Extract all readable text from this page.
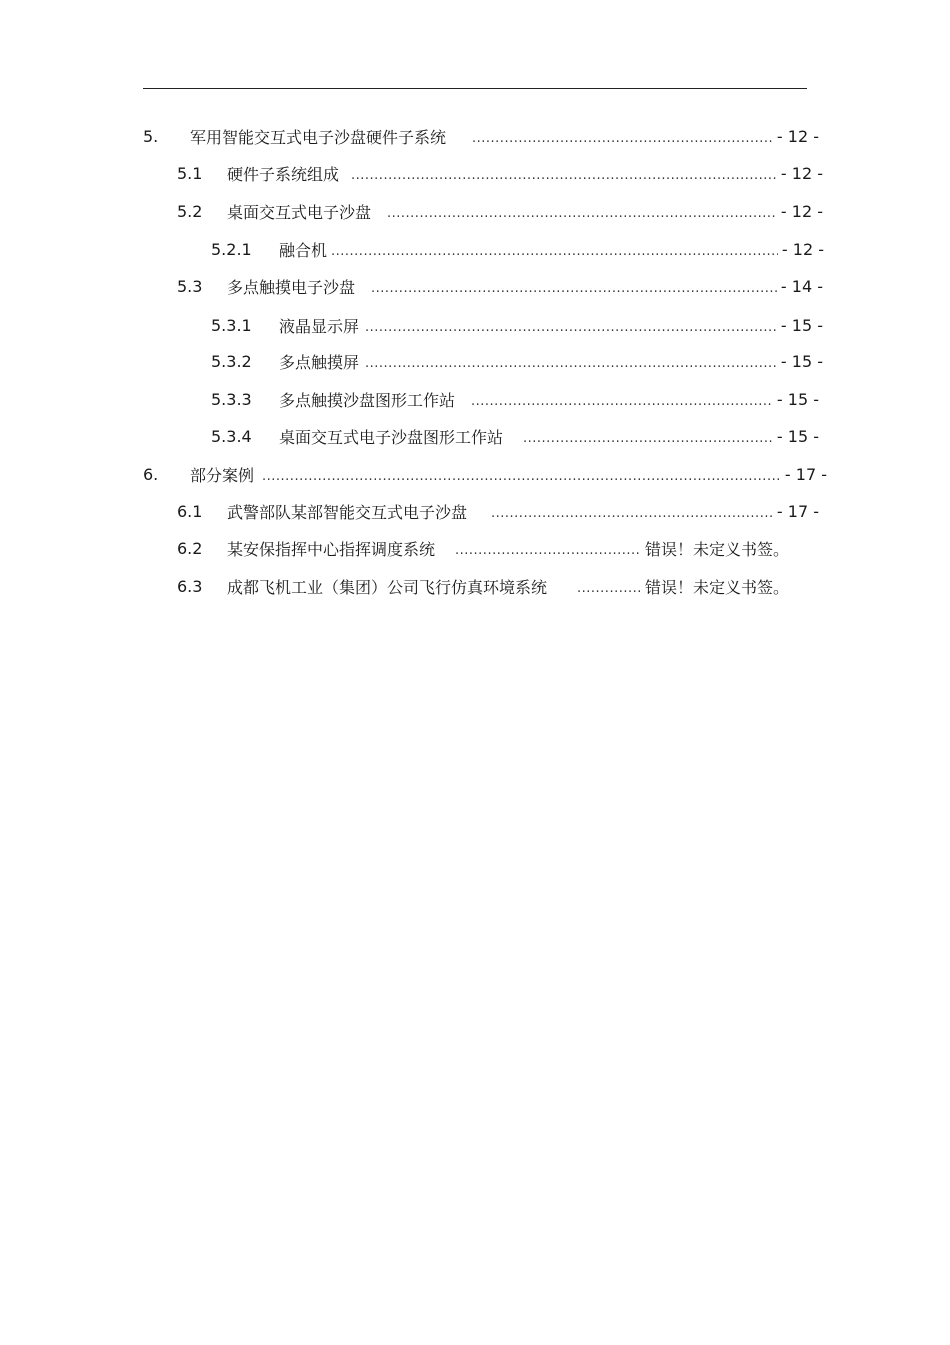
5.	军用智能交互式电子沙盘硬件子系统 .....	- 12 -
5.1	硬件子系统组成 .....	- 12 -
5.2	桌面交互式电子沙盘 .....	- 12 -
5.2.1	融合机 .....	- 12 -
5.3	多点触摸电子沙盘 .....	- 14 -
5.3.1	液晶显示屏 .....	- 15 -
5.3.2	多点触摸屏 .....	- 15 -
5.3.3	多点触摸沙盘图形工作站 .....	- 15 -
5.3.4	桌面交互式电子沙盘图形工作站 .....	- 15 -
6.	部分案例 .....	- 17 -
6.1	武警部队某部智能交互式电子沙盘 .....	- 17 -
6.2	某安保指挥中心指挥调度系统 .....	错误！未定义书签。
6.3	成都飞机工业（集团）公司飞行仿真环境系统 .....	错误！未定义书签。
